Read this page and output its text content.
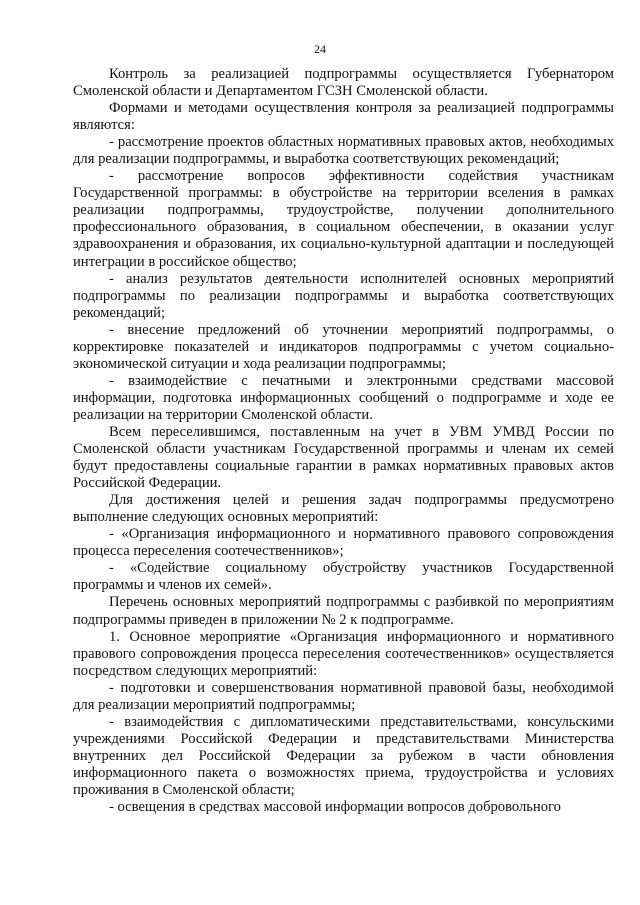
24

Контроль за реализацией подпрограммы осуществляется Губернатором Смоленской области и Департаментом ГСЗН Смоленской области.

Формами и методами осуществления контроля за реализацией подпрограммы являются:

- рассмотрение проектов областных нормативных правовых актов, необходимых для реализации подпрограммы, и выработка соответствующих рекомендаций;

- рассмотрение вопросов эффективности содействия участникам Государственной программы: в обустройстве на территории вселения в рамках реализации подпрограммы, трудоустройстве, получении дополнительного профессионального образования, в социальном обеспечении, в оказании услуг здравоохранения и образования, их социально-культурной адаптации и последующей интеграции в российское общество;

- анализ результатов деятельности исполнителей основных мероприятий подпрограммы по реализации подпрограммы и выработка соответствующих рекомендаций;

- внесение предложений об уточнении мероприятий подпрограммы, о корректировке показателей и индикаторов подпрограммы с учетом социально-экономической ситуации и хода реализации подпрограммы;

- взаимодействие с печатными и электронными средствами массовой информации, подготовка информационных сообщений о подпрограмме и ходе ее реализации на территории Смоленской области.

Всем переселившимся, поставленным на учет в УВМ УМВД России по Смоленской области участникам Государственной программы и членам их семей будут предоставлены социальные гарантии в рамках нормативных правовых актов Российской Федерации.

Для достижения целей и решения задач подпрограммы предусмотрено выполнение следующих основных мероприятий:

- «Организация информационного и нормативного правового сопровождения процесса переселения соотечественников»;

- «Содействие социальному обустройству участников Государственной программы и членов их семей».

Перечень основных мероприятий подпрограммы с разбивкой по мероприятиям подпрограммы приведен в приложении № 2 к подпрограмме.

1. Основное мероприятие «Организация информационного и нормативного правового сопровождения процесса переселения соотечественников» осуществляется посредством следующих мероприятий:

- подготовки и совершенствования нормативной правовой базы, необходимой для реализации мероприятий подпрограммы;

- взаимодействия с дипломатическими представительствами, консульскими учреждениями Российской Федерации и представительствами Министерства внутренних дел Российской Федерации за рубежом в части обновления информационного пакета о возможностях приема, трудоустройства и условиях проживания в Смоленской области;

- освещения в средствах массовой информации вопросов добровольного
